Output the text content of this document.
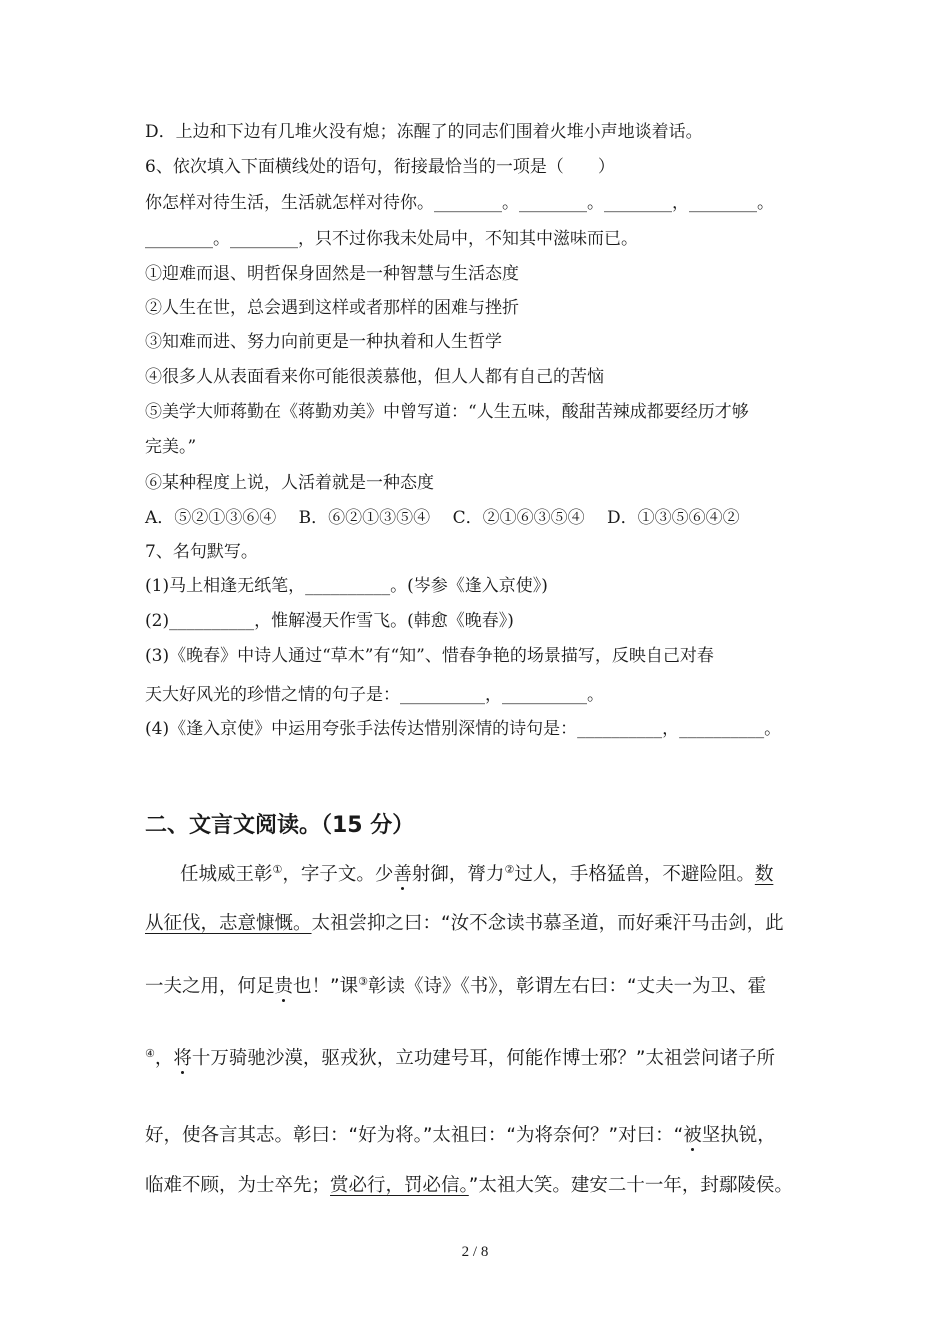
D．上边和下边有几堆火没有熄；冻醒了的同志们围着火堆小声地谈着话。
6、依次填入下面横线处的语句，衔接最恰当的一项是（　　）
你怎样对待生活，生活就怎样对待你。________。________。________，________。
________。________，只不过你我未处局中，不知其中滋味而已。
①迎难而退、明哲保身固然是一种智慧与生活态度
②人生在世，总会遇到这样或者那样的困难与挫折
③知难而进、努力向前更是一种执着和人生哲学
④很多人从表面看来你可能很羡慕他，但人人都有自己的苦恼
⑤美学大师蒋勤在《蒋勤劝美》中曾写道：“人生五味，酸甜苦辣成都要经历才够
完美。”
⑥某种程度上说，人活着就是一种态度
A．⑤②①③⑥④　 B．⑥②①③⑤④　 C．②①⑥③⑤④　 D．①③⑤⑥④②
7、名句默写。
(1)马上相逢无纸笔，__________。(岑参《逢入京使》)
(2)__________，惟解漫天作雪飞。(韩愈《晚春》)
(3)《晚春》中诗人通过“草木”有“知”、惜春争艳的场景描写，反映自己对春
天大好风光的珍惜之情的句子是：__________，__________。
(4)《逢入京使》中运用夸张手法传达惜别深情的诗句是：__________，__________。
二、文言文阅读。（15 分）
任城威王彰①，字子文。少善射御，膂力②过人，手格猛兽，不避险阻。数
从征伐，志意慷慨。太祖尝抑之曰：“汝不念读书慕圣道，而好乘汗马击剑，此
一夫之用，何足贵也！”课③彰读《诗》《书》，彰谓左右曰：“丈夫一为卫、霍
④，将十万骑驰沙漠，驱戎狄，立功建号耳，何能作博士邪？”太祖尝问诸子所
好，使各言其志。彰曰：“好为将。”太祖曰：“为将奈何？”对曰：“被坚执锐，
临难不顾，为士卒先；赏必行，罚必信。”太祖大笑。建安二十一年，封鄢陵侯。
2 / 8
